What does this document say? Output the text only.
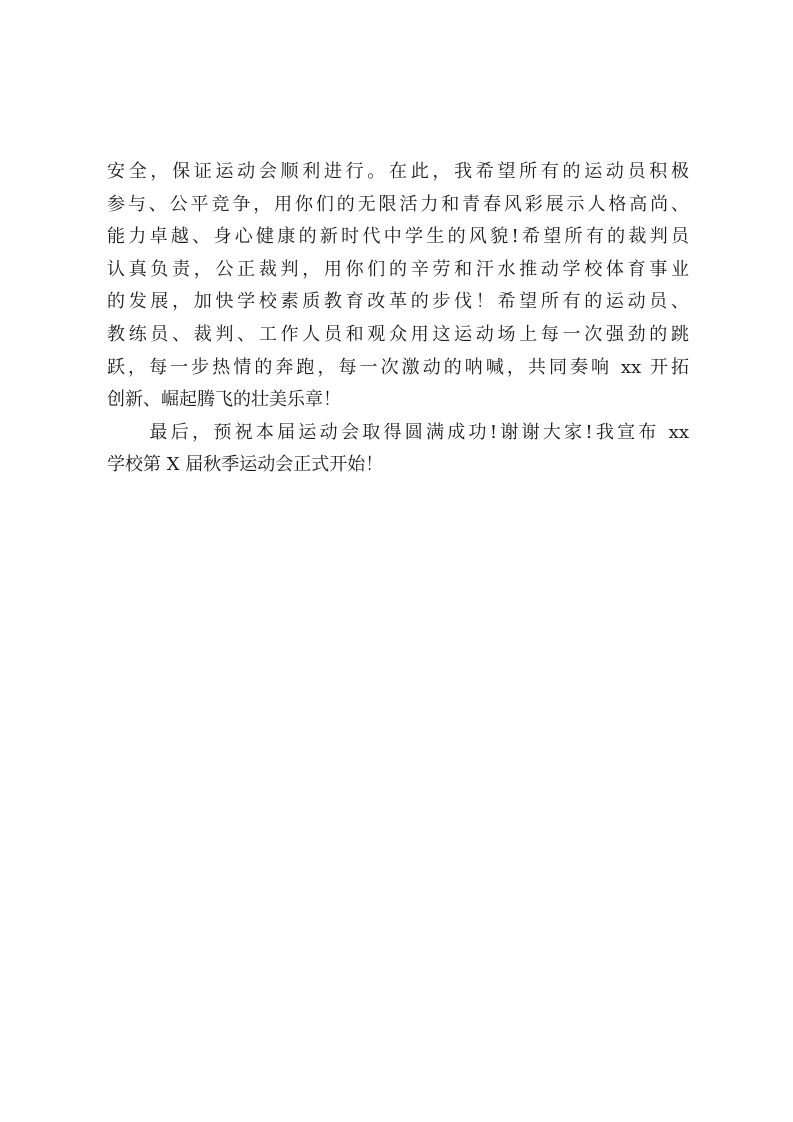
安全，保证运动会顺利进行。在此，我希望所有的运动员积极
参与、公平竞争，用你们的无限活力和青春风彩展示人格高尚、
能力卓越、身心健康的新时代中学生的风貌!希望所有的裁判员
认真负责，公正裁判，用你们的辛劳和汗水推动学校体育事业
的发展，加快学校素质教育改革的步伐！希望所有的运动员、
教练员、裁判、工作人员和观众用这运动场上每一次强劲的跳
跃，每一步热情的奔跑，每一次激动的呐喊，共同奏响 xx 开拓
创新、崛起腾飞的壮美乐章！
　　最后，预祝本届运动会取得圆满成功!谢谢大家!我宣布 xx
学校第 X 届秋季运动会正式开始！
